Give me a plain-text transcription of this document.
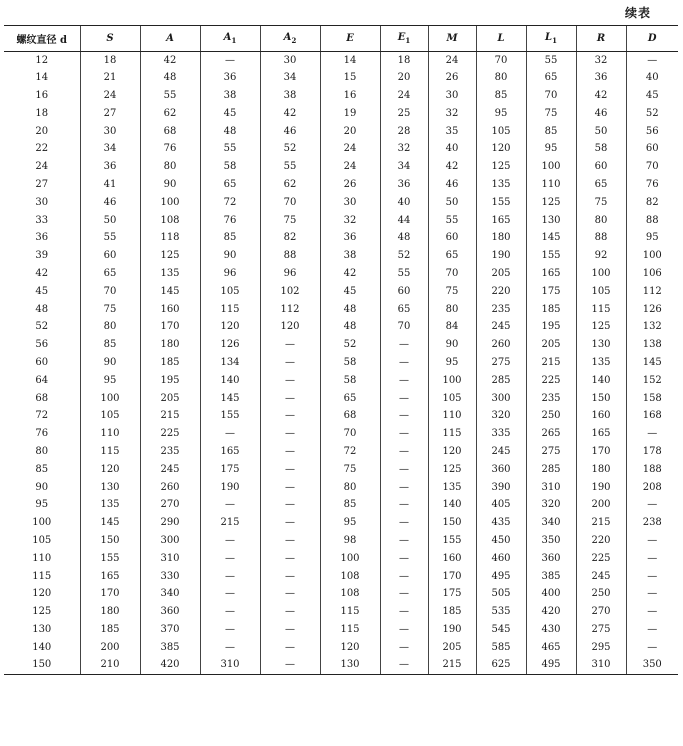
续表
螺纹直径 d	S	A	$A_1$	$A_2$	E	$E_1$	M	L	$L_1$	R	D
12	18	42	—	30	14	18	24	70	55	32	—
14	21	48	36	34	15	20	26	80	65	36	40
16	24	55	38	38	16	24	30	85	70	42	45
18	27	62	45	42	19	25	32	95	75	46	52
20	30	68	48	46	20	28	35	105	85	50	56
22	34	76	55	52	24	32	40	120	95	58	60
24	36	80	58	55	24	34	42	125	100	60	70
27	41	90	65	62	26	36	46	135	110	65	76
30	46	100	72	70	30	40	50	155	125	75	82
33	50	108	76	75	32	44	55	165	130	80	88
36	55	118	85	82	36	48	60	180	145	88	95
39	60	125	90	88	38	52	65	190	155	92	100
42	65	135	96	96	42	55	70	205	165	100	106
45	70	145	105	102	45	60	75	220	175	105	112
48	75	160	115	112	48	65	80	235	185	115	126
52	80	170	120	120	48	70	84	245	195	125	132
56	85	180	126	—	52	—	90	260	205	130	138
60	90	185	134	—	58	—	95	275	215	135	145
64	95	195	140	—	58	—	100	285	225	140	152
68	100	205	145	—	65	—	105	300	235	150	158
72	105	215	155	—	68	—	110	320	250	160	168
76	110	225	—	—	70	—	115	335	265	165	—
80	115	235	165	—	72	—	120	245	275	170	178
85	120	245	175	—	75	—	125	360	285	180	188
90	130	260	190	—	80	—	135	390	310	190	208
95	135	270	—	—	85	—	140	405	320	200	—
100	145	290	215	—	95	—	150	435	340	215	238
105	150	300	—	—	98	—	155	450	350	220	—
110	155	310	—	—	100	—	160	460	360	225	—
115	165	330	—	—	108	—	170	495	385	245	—
120	170	340	—	—	108	—	175	505	400	250	—
125	180	360	—	—	115	—	185	535	420	270	—
130	185	370	—	—	115	—	190	545	430	275	—
140	200	385	—	—	120	—	205	585	465	295	—
150	210	420	310	—	130	—	215	625	495	310	350
